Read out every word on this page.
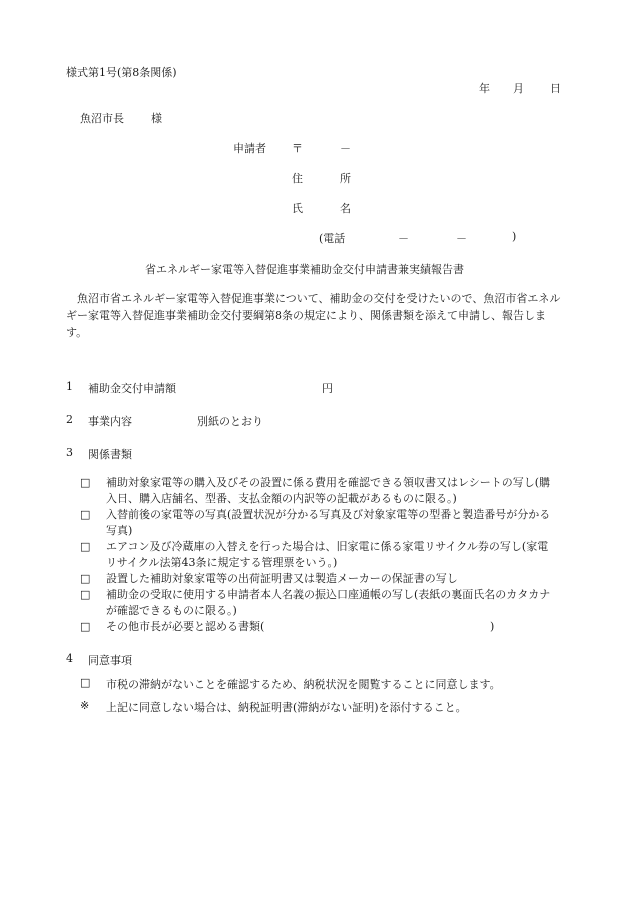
様式第1号(第8条関係)
年 月 日
魚沼市長 様
申請者 〒	－
住	所
氏	名
(電話	－	－	)
省エネルギー家電等入替促進事業補助金交付申請書兼実績報告書
魚沼市省エネルギー家電等入替促進事業について、補助金の交付を受けたいので、魚沼市省エネルギー家電等入替促進事業補助金交付要綱第8条の規定により、関係書類を添えて申請し、報告します。
1 補助金交付申請額	円
2 事業内容	別紙のとおり
3 関係書類
□	補助対象家電等の購入及びその設置に係る費用を確認できる領収書又はレシートの写し(購入日、購入店舗名、型番、支払金額の内訳等の記載があるものに限る。)
□	入替前後の家電等の写真(設置状況が分かる写真及び対象家電等の型番と製造番号が分かる写真)
□	エアコン及び冷蔵庫の入替えを行った場合は、旧家電に係る家電リサイクル券の写し(家電リサイクル法第43条に規定する管理票をいう。)
□	設置した補助対象家電等の出荷証明書又は製造メーカーの保証書の写し
□	補助金の受取に使用する申請者本人名義の振込口座通帳の写し(表紙の裏面氏名のカタカナが確認できるものに限る。)
□	その他市長が必要と認める書類(	)
4 同意事項
□ 市税の滞納がないことを確認するため、納税状況を閲覧することに同意します。
※ 上記に同意しない場合は、納税証明書(滞納がない証明)を添付すること。
